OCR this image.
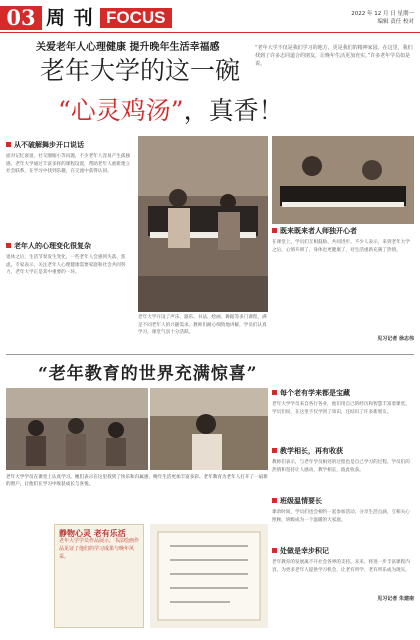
03 周 刊 FOCUS	2022 年 12 月 日 星期一
编辑 责任 校对
“老年大学不仅是我们学习的地方，更是我们的精神家园。在这里，我们找到了许多志同道合的朋友，让晚年生活更加充实。”许多老年学员如是说。
关爱老年人心理健康 提升晚年生活幸福感
老年大学的这一碗
“心灵鸡汤”，真香！
从不破解舞步开口说话
面对记忆衰退、社交圈缩小等问题，不少老年人容易产生孤独感。老年大学通过丰富多样的课程设置，帮助老年人重新建立社会联系，在学习中找到乐趣，在交流中获得认同。
老年人的心理变化很复杂
退休之后，生活节奏发生变化，一些老年人会感到失落、焦虑。专家表示，关注老年人心理健康需要家庭和社会共同努力，老年大学正是其中重要的一环。
老年大学开设了声乐、器乐、书法、绘画、舞蹈等多门课程，满足不同老年人的兴趣需求。教师们耐心细致地讲解，学员们认真学习，课堂气氛十分活跃。
既来既来者人师独开心者
在课堂上，学员们互相鼓励、共同进步。不少人表示，来到老年大学之后，心情开朗了，身体也更健康了，对生活重新充满了热情。
见习记者 徐志伟
“老年教育的世界充满惊喜”
老年大学学员在课堂上认真学习。她们表示在这里找到了快乐和归属感，晚年生活更加丰富多彩。老年教育为老年人打开了一扇新的窗户，让他们在学习中收获成长与喜悦。
静物心灵 老有乐活
老年大学学员作品展示，书法绘画作品见证了他们的学习成果与晚年风采。
每个老有学来都是宝藏
老年大学学员来自各行各业，他们用自己的经历和智慧丰富着课堂。学员们说，在这里不仅学到了知识，还结识了许多新朋友。
教学相长，再有收获
教师们表示，与老年学员相处的过程也是自己学习的过程。学员们的热情和坚持让人感动，教学相长，彼此收获。
班级温情要长
课余时间，学员们也会相约一起参加活动，分享生活点滴，互相关心照顾，班级成为一个温暖的大家庭。
处做是幸步积记
老年教育的发展离不开社会各界的支持。未来，将进一步丰富课程内容，为更多老年人提供学习机会，让老有所学、老有所乐成为现实。
见习记者 朱建南
